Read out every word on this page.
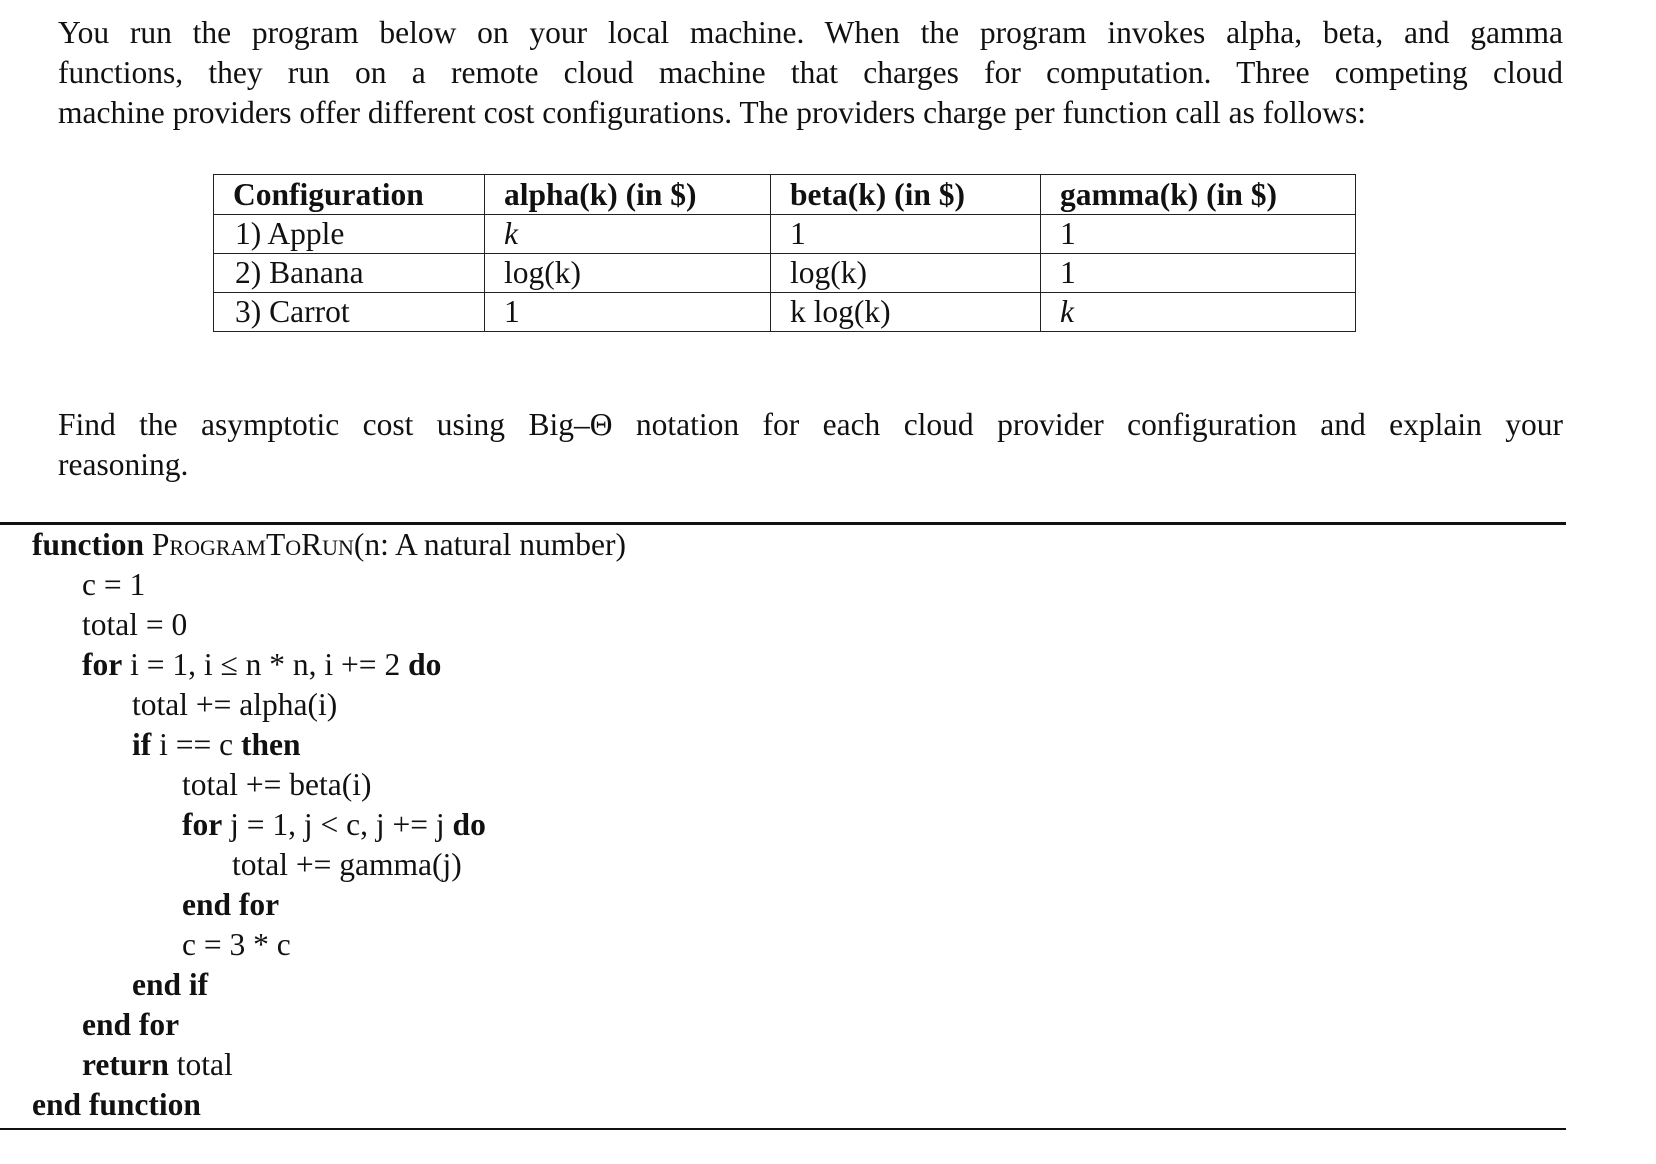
You run the program below on your local machine. When the program invokes alpha, beta, and gamma
functions, they run on a remote cloud machine that charges for computation. Three competing cloud
machine providers offer different cost configurations. The providers charge per function call as follows:

Configuration	alpha(k) (in $)	beta(k) (in $)	gamma(k) (in $)
1) Apple	k	1	1
2) Banana	log(k)	log(k)	1
3) Carrot	1	k log(k)	k

Find the asymptotic cost using Big–Θ notation for each cloud provider configuration and explain your
reasoning.

function ProgramToRun(n: A natural number)
c = 1
total = 0
for i = 1, i ≤ n * n, i += 2 do
total += alpha(i)
if i == c then
total += beta(i)
for j = 1, j < c, j += j do
total += gamma(j)
end for
c = 3 * c
end if
end for
return total
end function
